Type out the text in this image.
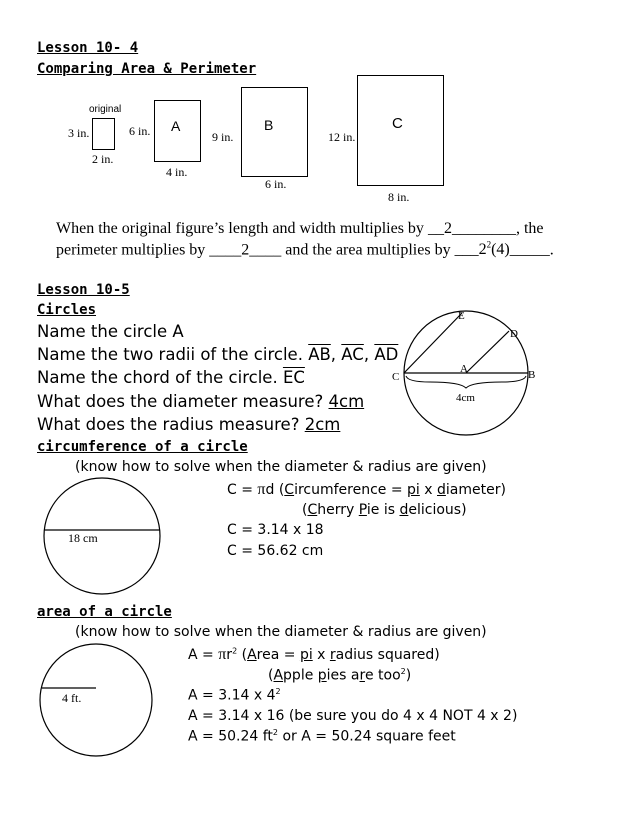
Lesson 10- 4
Comparing Area & Perimeter
original
3 in.
2 in.
A
6 in.
4 in.
B
9 in.
6 in.
C
12 in.
8 in.
When the original figure’s length and width multiplies by __2________, the
perimeter multiplies by ____2____ and the area multiplies by $\_\_\_2^2(4)\_\_\_\_\_$.
Lesson 10-5
Circles
Name the circle A
Name the two radii of the circle. $\overline{AB}$, $\overline{AC}$, $\overline{AD}$
Name the chord of the circle. $\overline{EC}$
What does the diameter measure? 4cm
What does the radius measure? 2cm
E
D
C
A	B
4cm
circumference of a circle
(know how to solve when the diameter & radius are given)
C = πd (Circumference = pi x diameter)
(Cherry Pie is delicious)
C = 3.14 x 18
C = 56.62 cm
18 cm
area of a circle
(know how to solve when the diameter & radius are given)
$A = \pi r^2$ (Area = pi x radius squared)
(Apple pies are too$^2$)
A = 3.14 x $4^2$
A = 3.14 x 16 (be sure you do 4 x 4 NOT 4 x 2)
A = 50.24 $ft^2$ or A = 50.24 square feet
4 ft.
